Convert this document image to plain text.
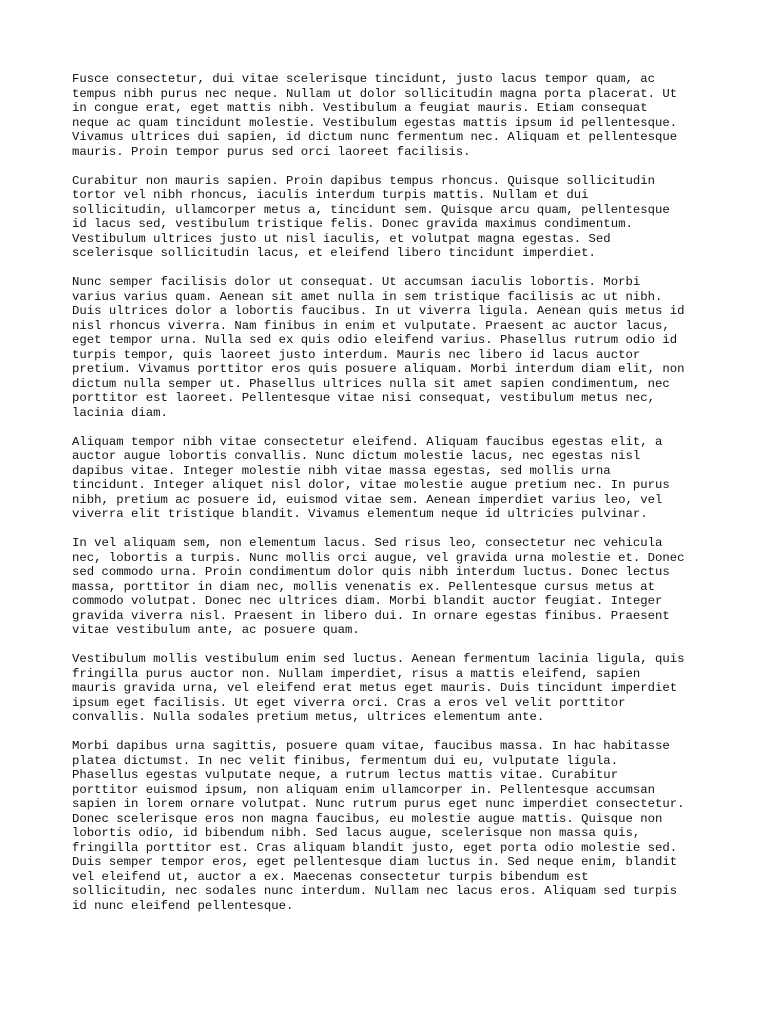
Fusce consectetur, dui vitae scelerisque tincidunt, justo lacus tempor quam, ac
tempus nibh purus nec neque. Nullam ut dolor sollicitudin magna porta placerat. Ut
in congue erat, eget mattis nibh. Vestibulum a feugiat mauris. Etiam consequat
neque ac quam tincidunt molestie. Vestibulum egestas mattis ipsum id pellentesque.
Vivamus ultrices dui sapien, id dictum nunc fermentum nec. Aliquam et pellentesque
mauris. Proin tempor purus sed orci laoreet facilisis.

Curabitur non mauris sapien. Proin dapibus tempus rhoncus. Quisque sollicitudin
tortor vel nibh rhoncus, iaculis interdum turpis mattis. Nullam et dui
sollicitudin, ullamcorper metus a, tincidunt sem. Quisque arcu quam, pellentesque
id lacus sed, vestibulum tristique felis. Donec gravida maximus condimentum.
Vestibulum ultrices justo ut nisl iaculis, et volutpat magna egestas. Sed
scelerisque sollicitudin lacus, et eleifend libero tincidunt imperdiet.

Nunc semper facilisis dolor ut consequat. Ut accumsan iaculis lobortis. Morbi
varius varius quam. Aenean sit amet nulla in sem tristique facilisis ac ut nibh.
Duis ultrices dolor a lobortis faucibus. In ut viverra ligula. Aenean quis metus id
nisl rhoncus viverra. Nam finibus in enim et vulputate. Praesent ac auctor lacus,
eget tempor urna. Nulla sed ex quis odio eleifend varius. Phasellus rutrum odio id
turpis tempor, quis laoreet justo interdum. Mauris nec libero id lacus auctor
pretium. Vivamus porttitor eros quis posuere aliquam. Morbi interdum diam elit, non
dictum nulla semper ut. Phasellus ultrices nulla sit amet sapien condimentum, nec
porttitor est laoreet. Pellentesque vitae nisi consequat, vestibulum metus nec,
lacinia diam.

Aliquam tempor nibh vitae consectetur eleifend. Aliquam faucibus egestas elit, a
auctor augue lobortis convallis. Nunc dictum molestie lacus, nec egestas nisl
dapibus vitae. Integer molestie nibh vitae massa egestas, sed mollis urna
tincidunt. Integer aliquet nisl dolor, vitae molestie augue pretium nec. In purus
nibh, pretium ac posuere id, euismod vitae sem. Aenean imperdiet varius leo, vel
viverra elit tristique blandit. Vivamus elementum neque id ultricies pulvinar.

In vel aliquam sem, non elementum lacus. Sed risus leo, consectetur nec vehicula
nec, lobortis a turpis. Nunc mollis orci augue, vel gravida urna molestie et. Donec
sed commodo urna. Proin condimentum dolor quis nibh interdum luctus. Donec lectus
massa, porttitor in diam nec, mollis venenatis ex. Pellentesque cursus metus at
commodo volutpat. Donec nec ultrices diam. Morbi blandit auctor feugiat. Integer
gravida viverra nisl. Praesent in libero dui. In ornare egestas finibus. Praesent
vitae vestibulum ante, ac posuere quam.

Vestibulum mollis vestibulum enim sed luctus. Aenean fermentum lacinia ligula, quis
fringilla purus auctor non. Nullam imperdiet, risus a mattis eleifend, sapien
mauris gravida urna, vel eleifend erat metus eget mauris. Duis tincidunt imperdiet
ipsum eget facilisis. Ut eget viverra orci. Cras a eros vel velit porttitor
convallis. Nulla sodales pretium metus, ultrices elementum ante.

Morbi dapibus urna sagittis, posuere quam vitae, faucibus massa. In hac habitasse
platea dictumst. In nec velit finibus, fermentum dui eu, vulputate ligula.
Phasellus egestas vulputate neque, a rutrum lectus mattis vitae. Curabitur
porttitor euismod ipsum, non aliquam enim ullamcorper in. Pellentesque accumsan
sapien in lorem ornare volutpat. Nunc rutrum purus eget nunc imperdiet consectetur.
Donec scelerisque eros non magna faucibus, eu molestie augue mattis. Quisque non
lobortis odio, id bibendum nibh. Sed lacus augue, scelerisque non massa quis,
fringilla porttitor est. Cras aliquam blandit justo, eget porta odio molestie sed.
Duis semper tempor eros, eget pellentesque diam luctus in. Sed neque enim, blandit
vel eleifend ut, auctor a ex. Maecenas consectetur turpis bibendum est
sollicitudin, nec sodales nunc interdum. Nullam nec lacus eros. Aliquam sed turpis
id nunc eleifend pellentesque.
